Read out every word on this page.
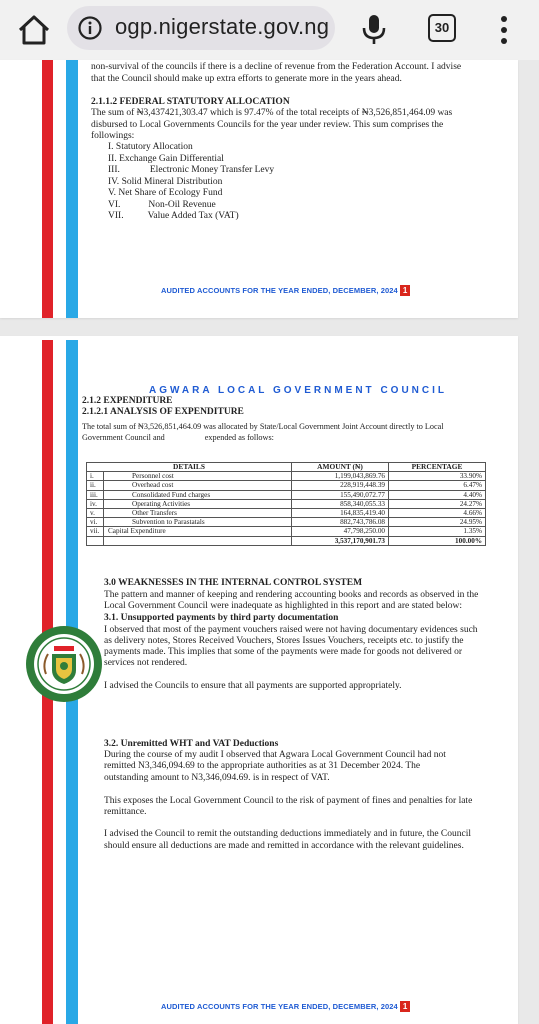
ogp.nigerstate.gov.ng	30
non-survival of the councils if there is a decline of revenue from the Federation Account. I advise
that the Council should make up extra efforts to generate more in the years ahead.
2.1.1.2 FEDERAL STATUTORY ALLOCATION
The sum of ₦3,437421,303.47 which is 97.47% of the total receipts of ₦3,526,851,464.09 was
disbursed to Local Governments Councils for the year under review. This sum comprises the
followings:
I. Statutory Allocation
II. Exchange Gain Differential
III.	Electronic Money Transfer Levy
IV. Solid Mineral Distribution
V. Net Share of Ecology Fund
VI.	Non-Oil Revenue
VII.	Value Added Tax (VAT)
AUDITED ACCOUNTS FOR THE YEAR ENDED, DECEMBER, 2024 1
AGWARA LOCAL GOVERNMENT COUNCIL
2.1.2 EXPENDITURE
2.1.2.1 ANALYSIS OF EXPENDITURE
The total sum of ₦3,526,851,464.09 was allocated by State/Local Government Joint Account directly to Local
Government Council and	expended as follows:
DETAILS		AMOUNT (₦)	PERCENTAGE
i.	Personnel cost	1,199,043,869.76	33.90%
ii.	Overhead cost	228,919,448.39	6.47%
iii.	Consolidated Fund charges	155,490,072.77	4.40%
iv.	Operating Activities	858,340,055.33	24.27%
v.	Other Transfers	164,835,419.40	4.66%
vi.	Subvention to Parastatals	882,743,786.08	24.95%
vii.	Capital Expenditure	47,798,250.00	1.35%
		3,537,170,901.73	100.00%
3.0 WEAKNESSES IN THE INTERNAL CONTROL SYSTEM
The pattern and manner of keeping and rendering accounting books and records as observed in the
Local Government Council were inadequate as highlighted in this report and are stated below:
3.1. Unsupported payments by third party documentation
I observed that most of the payment vouchers raised were not having documentary evidences such
as delivery notes, Stores Received Vouchers, Stores Issues Vouchers, receipts etc. to justify the
payments made. This implies that some of the payments were made for goods not delivered or
services not rendered.
I advised the Councils to ensure that all payments are supported appropriately.
3.2. Unremitted WHT and VAT Deductions
During the course of my audit I observed that Agwara Local Government Council had not
remitted N3,346,094.69 to the appropriate authorities as at 31 December 2024. The
outstanding amount to N3,346,094.69. is in respect of VAT.
This exposes the Local Government Council to the risk of payment of fines and penalties for late
remittance.
I advised the Council to remit the outstanding deductions immediately and in future, the Council
should ensure all deductions are made and remitted in accordance with the relevant guidelines.
AUDITED ACCOUNTS FOR THE YEAR ENDED, DECEMBER, 2024 1
